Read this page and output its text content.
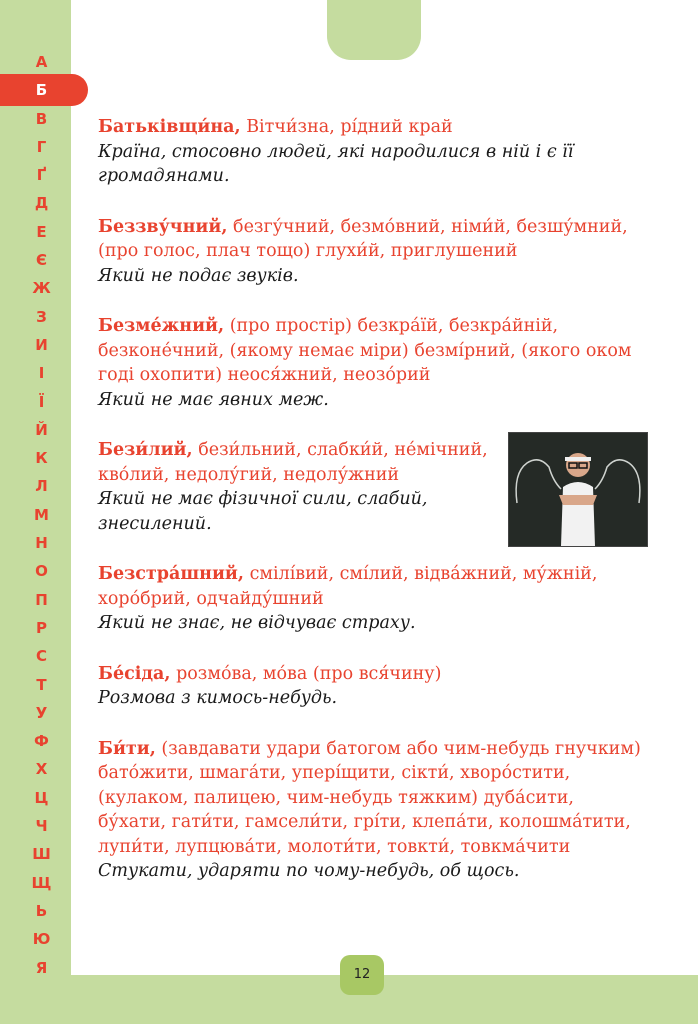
А
Б
В
Г
Ґ
Д
Е
Є
Ж
З
И
І
Ї
Й
К
Л
М
Н
О
П
Р
С
Т
У
Ф
Х
Ц
Ч
Ш
Щ
Ь
Ю
Я
Батьківщи́на, Вітчи́зна, рі́дний край
Країна, стосовно людей, які народилися в ній і є її громадянами.
Беззву́чний, безгу́чний, безмо́вний, німи́й, безшу́мний, (про голос, плач тощо) глухи́й, приглушений
Який не подає звуків.
Безме́жний, (про простір) безкра́їй, безкра́йній, безконе́чний, (якому немає міри) безмі́рний, (якого оком годі охопити) неося́жний, неозо́рий
Який не має явних меж.
Бези́лий, бези́льний, слабки́й, не́мічний, кво́лий, недолу́гий, недолу́жний
Який не має фізичної сили, слабий, знесилений.
Безстра́шний, смілі́вий, смі́лий, відва́жний, му́жній, хоро́брий, одчайду́шний
Який не знає, не відчуває страху.
Бе́сіда, розмо́ва, мо́ва (про вся́чину)
Розмова з кимось-небудь.
Би́ти, (завдавати удари батогом або чим-небудь гнучким) бато́жити, шмага́ти, упері́щити, сікти́, хворо́стити, (кулаком, палицею, чим-небудь тяжким) дуба́сити, бу́хати, гати́ти, гамсели́ти, грі́ти, клепа́ти, колошма́тити, лупи́ти, лупцюва́ти, молоти́ти, товкти́, товкма́чити
Стукати, ударяти по чому-небудь, об щось.
12
